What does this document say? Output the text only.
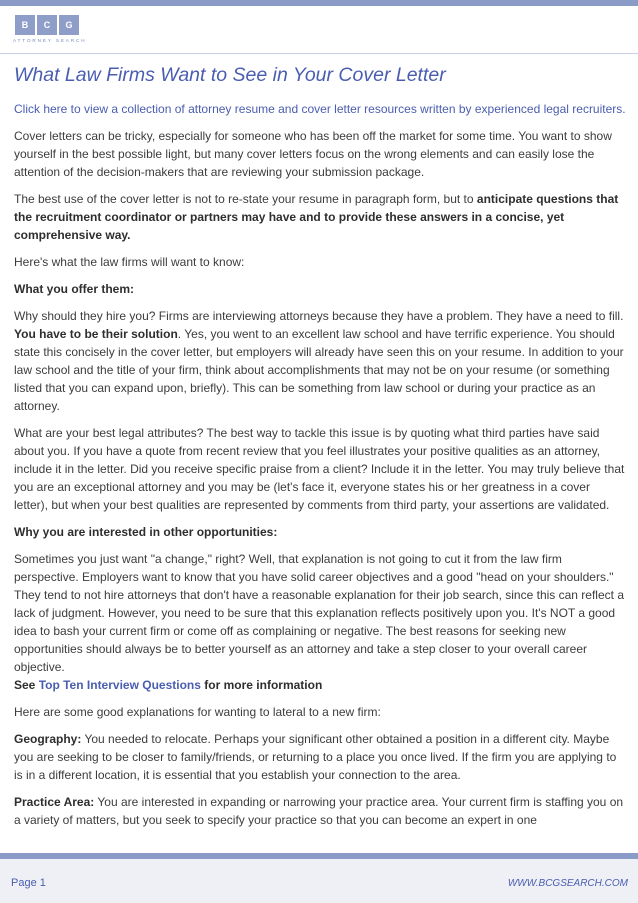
B	C	G
ATTORNEY SEARCH
What Law Firms Want to See in Your Cover Letter

Click here to view a collection of attorney resume and cover letter resources written by experienced legal recruiters.

Cover letters can be tricky, especially for someone who has been off the market for some time. You want to show yourself in the best possible light, but many cover letters focus on the wrong elements and can easily lose the attention of the decision-makers that are reviewing your submission package.

The best use of the cover letter is not to re-state your resume in paragraph form, but to anticipate questions that the recruitment coordinator or partners may have and to provide these answers in a concise, yet comprehensive way.

Here's what the law firms will want to know:

What you offer them:

Why should they hire you? Firms are interviewing attorneys because they have a problem. They have a need to fill. You have to be their solution. Yes, you went to an excellent law school and have terrific experience. You should state this concisely in the cover letter, but employers will already have seen this on your resume. In addition to your law school and the title of your firm, think about accomplishments that may not be on your resume (or something listed that you can expand upon, briefly). This can be something from law school or during your practice as an attorney.

What are your best legal attributes? The best way to tackle this issue is by quoting what third parties have said about you. If you have a quote from recent review that you feel illustrates your positive qualities as an attorney, include it in the letter. Did you receive specific praise from a client? Include it in the letter. You may truly believe that you are an exceptional attorney and you may be (let's face it, everyone states his or her greatness in a cover letter), but when your best qualities are represented by comments from third party, your assertions are validated.

Why you are interested in other opportunities:

Sometimes you just want "a change," right? Well, that explanation is not going to cut it from the law firm perspective. Employers want to know that you have solid career objectives and a good "head on your shoulders." They tend to not hire attorneys that don't have a reasonable explanation for their job search, since this can reflect a lack of judgment. However, you need to be sure that this explanation reflects positively upon you. It's NOT a good idea to bash your current firm or come off as complaining or negative. The best reasons for seeking new opportunities should always be to better yourself as an attorney and take a step closer to your overall career objective.

See Top Ten Interview Questions for more information

Here are some good explanations for wanting to lateral to a new firm:

Geography: You needed to relocate. Perhaps your significant other obtained a position in a different city. Maybe you are seeking to be closer to family/friends, or returning to a place you once lived. If the firm you are applying to is in a different location, it is essential that you establish your connection to the area.

Practice Area: You are interested in expanding or narrowing your practice area. Your current firm is staffing you on a variety of matters, but you seek to specify your practice so that you can become an expert in one

Page 1	WWW.BCGSEARCH.COM
